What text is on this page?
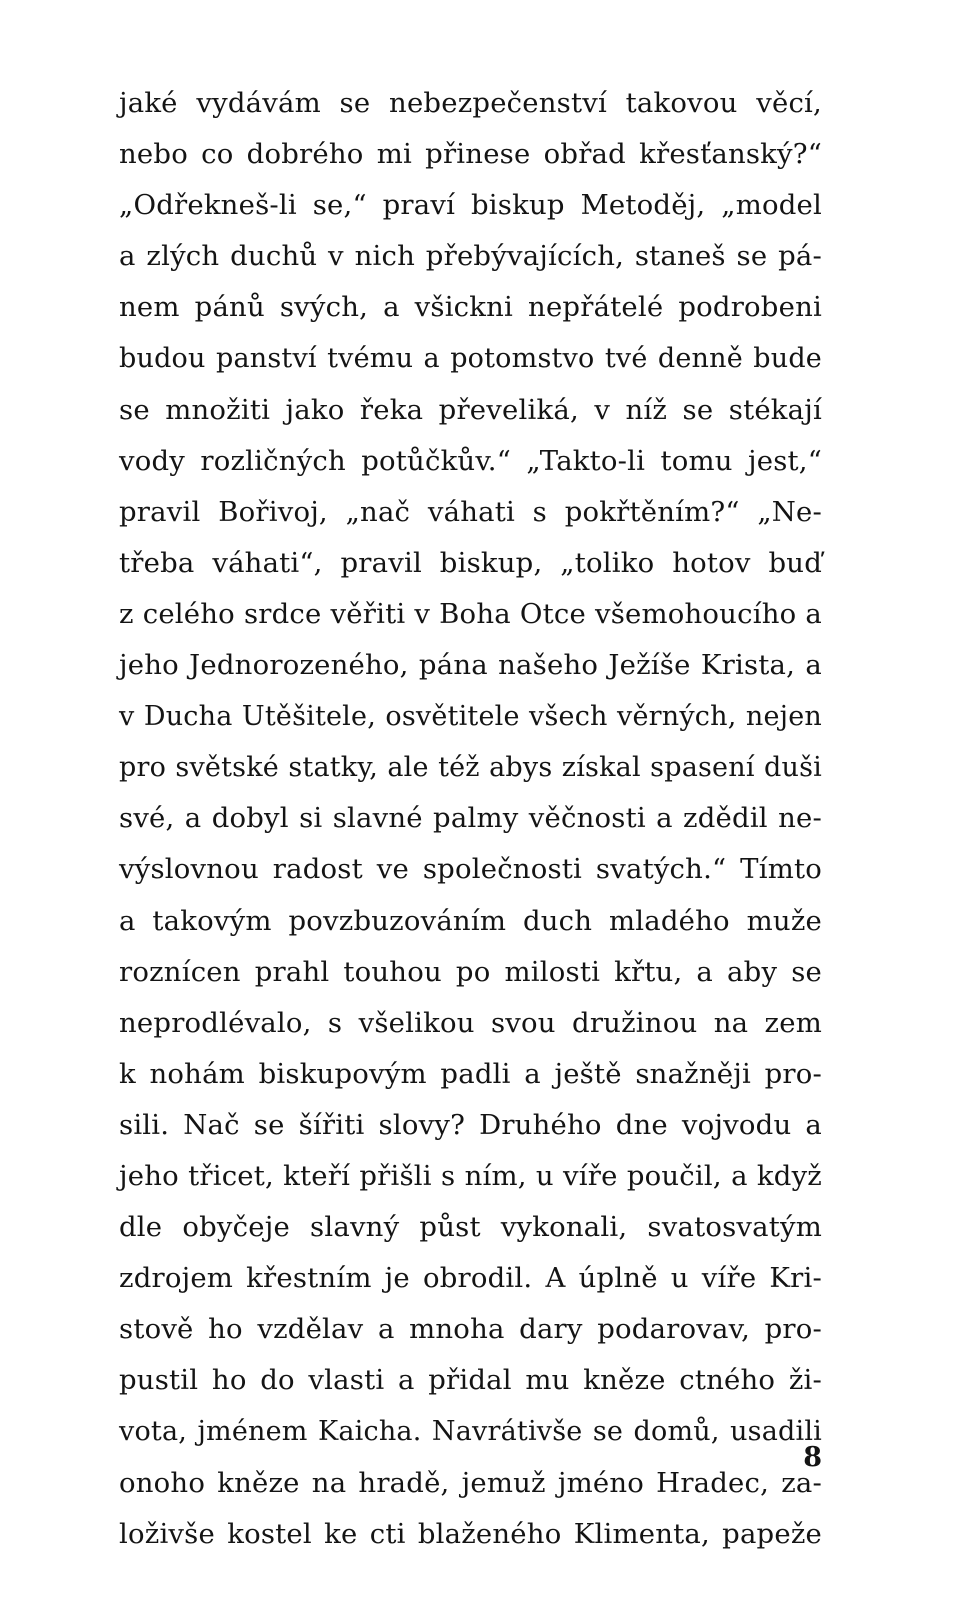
jaké vydávám se nebezpečenství takovou věcí,
nebo co dobrého mi přinese obřad křesťanský?“
„Odřekneš-li se,“ praví biskup Metoděj, „model
a zlých duchů v nich přebývajících, staneš se pá-
nem pánů svých, a všickni nepřátelé podrobeni
budou panství tvému a potomstvo tvé denně bude
se množiti jako řeka převeliká, v níž se stékají
vody rozličných potůčkův.“ „Takto-li tomu jest,“
pravil Bořivoj, „nač váhati s pokřtěním?“ „Ne-
třeba váhati“, pravil biskup, „toliko hotov buď
z celého srdce věřiti v Boha Otce všemohoucího a
jeho Jednorozeného, pána našeho Ježíše Krista, a
v Ducha Utěšitele, osvětitele všech věrných, nejen
pro světské statky, ale též abys získal spasení duši
své, a dobyl si slavné palmy věčnosti a zdědil ne-
výslovnou radost ve společnosti svatých.“ Tímto
a takovým povzbuzováním duch mladého muže
roznícen prahl touhou po milosti křtu, a aby se
neprodlévalo, s všelikou svou družinou na zem
k nohám biskupovým padli a ještě snažněji pro-
sili. Nač se šířiti slovy? Druhého dne vojvodu a
jeho třicet, kteří přišli s ním, u víře poučil, a když
dle obyčeje slavný půst vykonali, svatosvatým
zdrojem křestním je obrodil. A úplně u víře Kri-
stově ho vzdělav a mnoha dary podarovav, pro-
pustil ho do vlasti a přidal mu kněze ctného ži-
vota, jménem Kaicha. Navrátivše se domů, usadili
onoho kněze na hradě, jemuž jméno Hradec, za-
loživše kostel ke cti blaženého Klimenta, papeže
8
